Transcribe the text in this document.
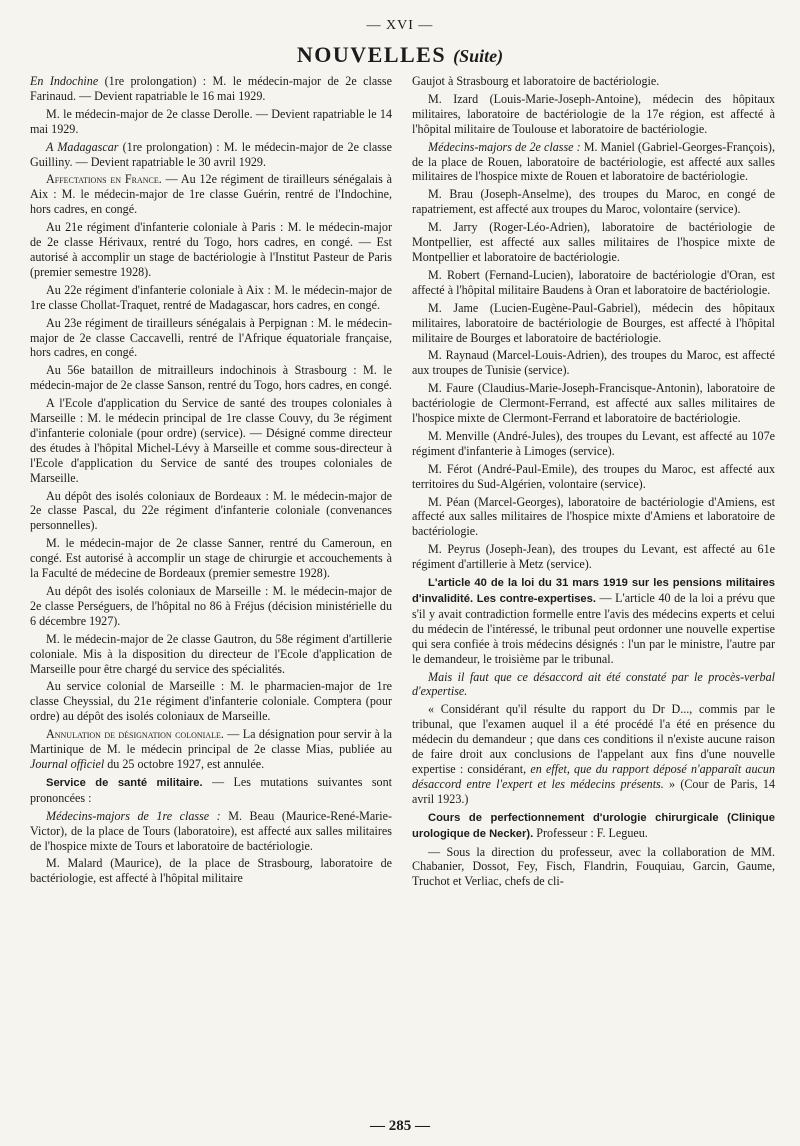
— XVI —
NOUVELLES (Suite)

En Indochine (1re prolongation) : M. le médecin-major de 2e classe Farinaud. — Devient rapatriable le 16 mai 1929.

M. le médecin-major de 2e classe Derolle. — Devient rapatriable le 14 mai 1929.

A Madagascar (1re prolongation) : M. le médecin-major de 2e classe Guilliny. — Devient rapatriable le 30 avril 1929.

Affectations en France. — Au 12e régiment de tirailleurs sénégalais à Aix : M. le médecin-major de 1re classe Guérin, rentré de l'Indochine, hors cadres, en congé.

Au 21e régiment d'infanterie coloniale à Paris : M. le médecin-major de 2e classe Hérivaux, rentré du Togo, hors cadres, en congé. — Est autorisé à accomplir un stage de bactériologie à l'Institut Pasteur de Paris (premier semestre 1928).

Au 22e régiment d'infanterie coloniale à Aix : M. le médecin-major de 1re classe Chollat-Traquet, rentré de Madagascar, hors cadres, en congé.

Au 23e régiment de tirailleurs sénégalais à Perpignan : M. le médecin-major de 2e classe Caccavelli, rentré de l'Afrique équatoriale française, hors cadres, en congé.

Au 56e bataillon de mitrailleurs indochinois à Strasbourg : M. le médecin-major de 2e classe Sanson, rentré du Togo, hors cadres, en congé.

A l'Ecole d'application du Service de santé des troupes coloniales à Marseille : M. le médecin principal de 1re classe Couvy, du 3e régiment d'infanterie coloniale (pour ordre) (service). — Désigné comme directeur des études à l'hôpital Michel-Lévy à Marseille et comme sous-directeur à l'Ecole d'application du Service de santé des troupes coloniales de Marseille.

Au dépôt des isolés coloniaux de Bordeaux : M. le médecin-major de 2e classe Pascal, du 22e régiment d'infanterie coloniale (convenances personnelles).

M. le médecin-major de 2e classe Sanner, rentré du Cameroun, en congé. Est autorisé à accomplir un stage de chirurgie et accouchements à la Faculté de médecine de Bordeaux (premier semestre 1928).

Au dépôt des isolés coloniaux de Marseille : M. le médecin-major de 2e classe Perséguers, de l'hôpital no 86 à Fréjus (décision ministérielle du 6 décembre 1927).

M. le médecin-major de 2e classe Gautron, du 58e régiment d'artillerie coloniale. Mis à la disposition du directeur de l'Ecole d'application de Marseille pour être chargé du service des spécialités.

Au service colonial de Marseille : M. le pharmacien-major de 1re classe Cheyssial, du 21e régiment d'infanterie coloniale. Comptera (pour ordre) au dépôt des isolés coloniaux de Marseille.

Annulation de désignation coloniale. — La désignation pour servir à la Martinique de M. le médecin principal de 2e classe Mias, publiée au Journal officiel du 25 octobre 1927, est annulée.

Service de santé militaire. — Les mutations suivantes sont prononcées :

Médecins-majors de 1re classe : M. Beau (Maurice-René-Marie-Victor), de la place de Tours (laboratoire), est affecté aux salles militaires de l'hospice mixte de Tours et laboratoire de bactériologie.

M. Malard (Maurice), de la place de Strasbourg, laboratoire de bactériologie, est affecté à l'hôpital militaire

Gaujot à Strasbourg et laboratoire de bactériologie.

M. Izard (Louis-Marie-Joseph-Antoine), médecin des hôpitaux militaires, laboratoire de bactériologie de la 17e région, est affecté à l'hôpital militaire de Toulouse et laboratoire de bactériologie.

Médecins-majors de 2e classe : M. Maniel (Gabriel-Georges-François), de la place de Rouen, laboratoire de bactériologie, est affecté aux salles militaires de l'hospice mixte de Rouen et laboratoire de bactériologie.

M. Brau (Joseph-Anselme), des troupes du Maroc, en congé de rapatriement, est affecté aux troupes du Maroc, volontaire (service).

M. Jarry (Roger-Léo-Adrien), laboratoire de bactériologie de Montpellier, est affecté aux salles militaires de l'hospice mixte de Montpellier et laboratoire de bactériologie.

M. Robert (Fernand-Lucien), laboratoire de bactériologie d'Oran, est affecté à l'hôpital militaire Baudens à Oran et laboratoire de bactériologie.

M. Jame (Lucien-Eugène-Paul-Gabriel), médecin des hôpitaux militaires, laboratoire de bactériologie de Bourges, est affecté à l'hôpital militaire de Bourges et laboratoire de bactériologie.

M. Raynaud (Marcel-Louis-Adrien), des troupes du Maroc, est affecté aux troupes de Tunisie (service).

M. Faure (Claudius-Marie-Joseph-Francisque-Antonin), laboratoire de bactériologie de Clermont-Ferrand, est affecté aux salles militaires de l'hospice mixte de Clermont-Ferrand et laboratoire de bactériologie.

M. Menville (André-Jules), des troupes du Levant, est affecté au 107e régiment d'infanterie à Limoges (service).

M. Férot (André-Paul-Emile), des troupes du Maroc, est affecté aux territoires du Sud-Algérien, volontaire (service).

M. Péan (Marcel-Georges), laboratoire de bactériologie d'Amiens, est affecté aux salles militaires de l'hospice mixte d'Amiens et laboratoire de bactériologie.

M. Peyrus (Joseph-Jean), des troupes du Levant, est affecté au 61e régiment d'artillerie à Metz (service).

L'article 40 de la loi du 31 mars 1919 sur les pensions militaires d'invalidité. Les contre-expertises. — L'article 40 de la loi a prévu que s'il y avait contradiction formelle entre l'avis des médecins experts et celui du médecin de l'intéressé, le tribunal peut ordonner une nouvelle expertise qui sera confiée à trois médecins désignés : l'un par le ministre, l'autre par le demandeur, le troisième par le tribunal.

Mais il faut que ce désaccord ait été constaté par le procès-verbal d'expertise.

« Considérant qu'il résulte du rapport du Dr D..., commis par le tribunal, que l'examen auquel il a été procédé l'a été en présence du médecin du demandeur ; que dans ces conditions il n'existe aucune raison de faire droit aux conclusions de l'appelant aux fins d'une nouvelle expertise : considérant, en effet, que du rapport déposé n'apparaît aucun désaccord entre l'expert et les médecins présents. » (Cour de Paris, 14 avril 1923.)

Cours de perfectionnement d'urologie chirurgicale (Clinique urologique de Necker). Professeur : F. Legueu.

— Sous la direction du professeur, avec la collaboration de MM. Chabanier, Dossot, Fey, Fisch, Flandrin, Fouquiau, Garcin, Gaume, Truchot et Verliac, chefs de cli-

— 285 —
